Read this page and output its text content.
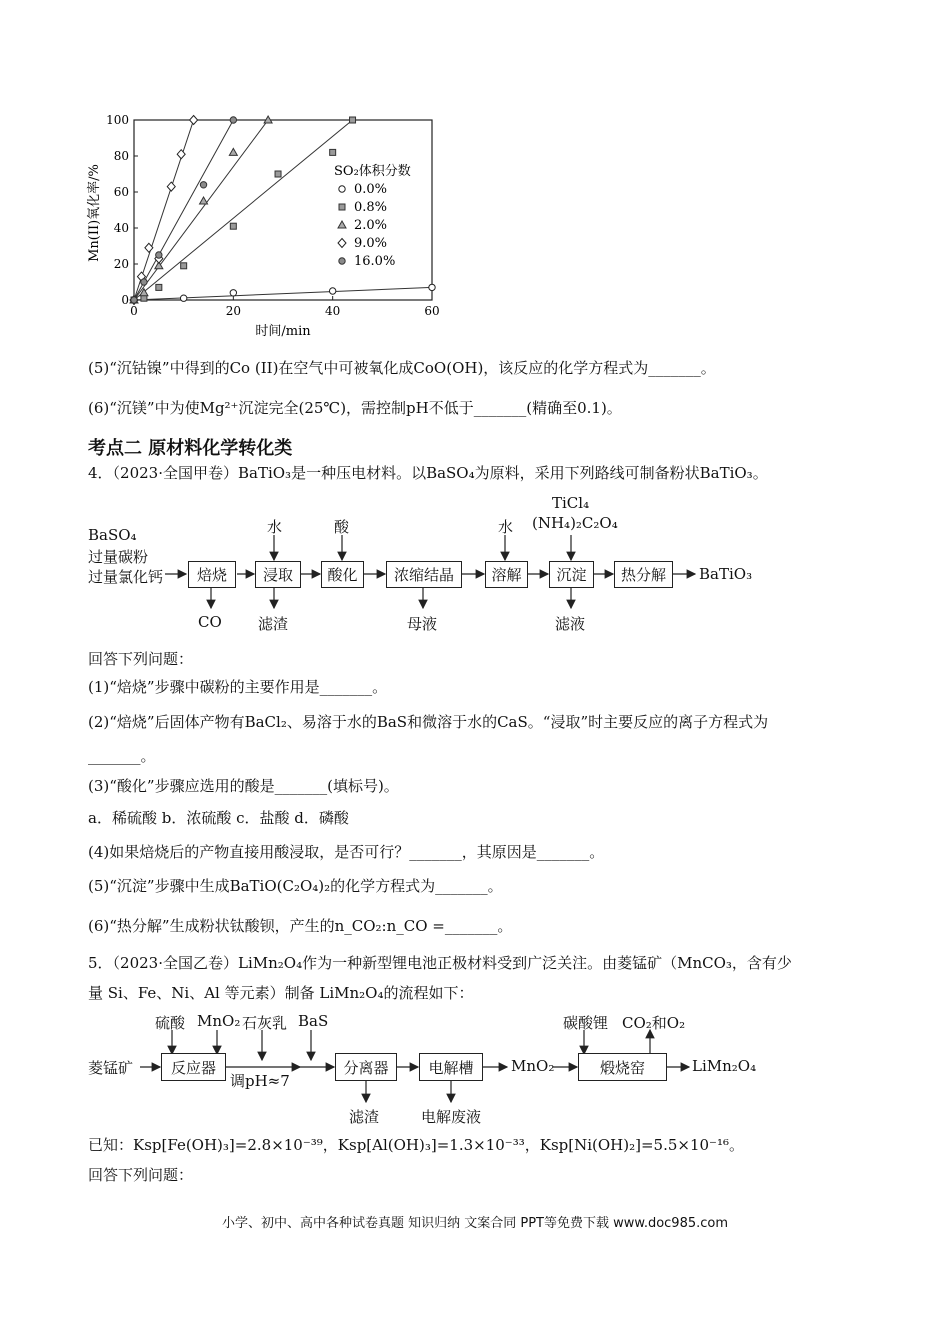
0	20	40	60
0
20
40
60
80
100
Mn(II)氧化率/%
时间/min
SO₂体积分数
0.0%
0.8%
2.0%
9.0%
16.0%
(5)“沉钴镍”中得到的Co (II)在空气中可被氧化成CoO(OH)，该反应的化学方程式为_______。
(6)“沉镁”中为使Mg²⁺沉淀完全(25℃)，需控制pH不低于_______(精确至0.1)。
考点二 原材料化学转化类
4．（2023·全国甲卷）BaTiO₃是一种压电材料。以BaSO₄为原料，采用下列路线可制备粉状BaTiO₃。
BaSO₄
过量碳粉
过量氯化钙	焙烧	浸取	酸化	浓缩结晶	溶解	沉淀	热分解
水	酸	水
TiCl₄
(NH₄)₂C₂O₄
CO 滤渣	母液	滤液
BaTiO₃
回答下列问题：
(1)“焙烧”步骤中碳粉的主要作用是_______。
(2)“焙烧”后固体产物有BaCl₂、易溶于水的BaS和微溶于水的CaS。“浸取”时主要反应的离子方程式为
_______。
(3)“酸化”步骤应选用的酸是_______(填标号)。
a．稀硫酸 b．浓硫酸 c．盐酸 d．磷酸
(4)如果焙烧后的产物直接用酸浸取，是否可行？_______，其原因是_______。
(5)“沉淀”步骤中生成BaTiO(C₂O₄)₂的化学方程式为_______。
(6)“热分解”生成粉状钛酸钡，产生的n_CO₂:n_CO =_______。
5．（2023·全国乙卷）LiMn₂O₄作为一种新型锂电池正极材料受到广泛关注。由菱锰矿（MnCO₃，含有少
量 Si、Fe、Ni、Al 等元素）制备 LiMn₂O₄的流程如下：
菱锰矿
硫酸 MnO₂ 石灰乳 BaS	碳酸锂 CO₂和O₂
反应器	分离器	电解槽	煅烧窑
调pH≈7
MnO₂
滤渣	电解废液
LiMn₂O₄
已知：Ksp[Fe(OH)₃]=2.8×10⁻³⁹，Ksp[Al(OH)₃]=1.3×10⁻³³，Ksp[Ni(OH)₂]=5.5×10⁻¹⁶。
回答下列问题：
小学、初中、高中各种试卷真题 知识归纳 文案合同 PPT等免费下载 www.doc985.com
